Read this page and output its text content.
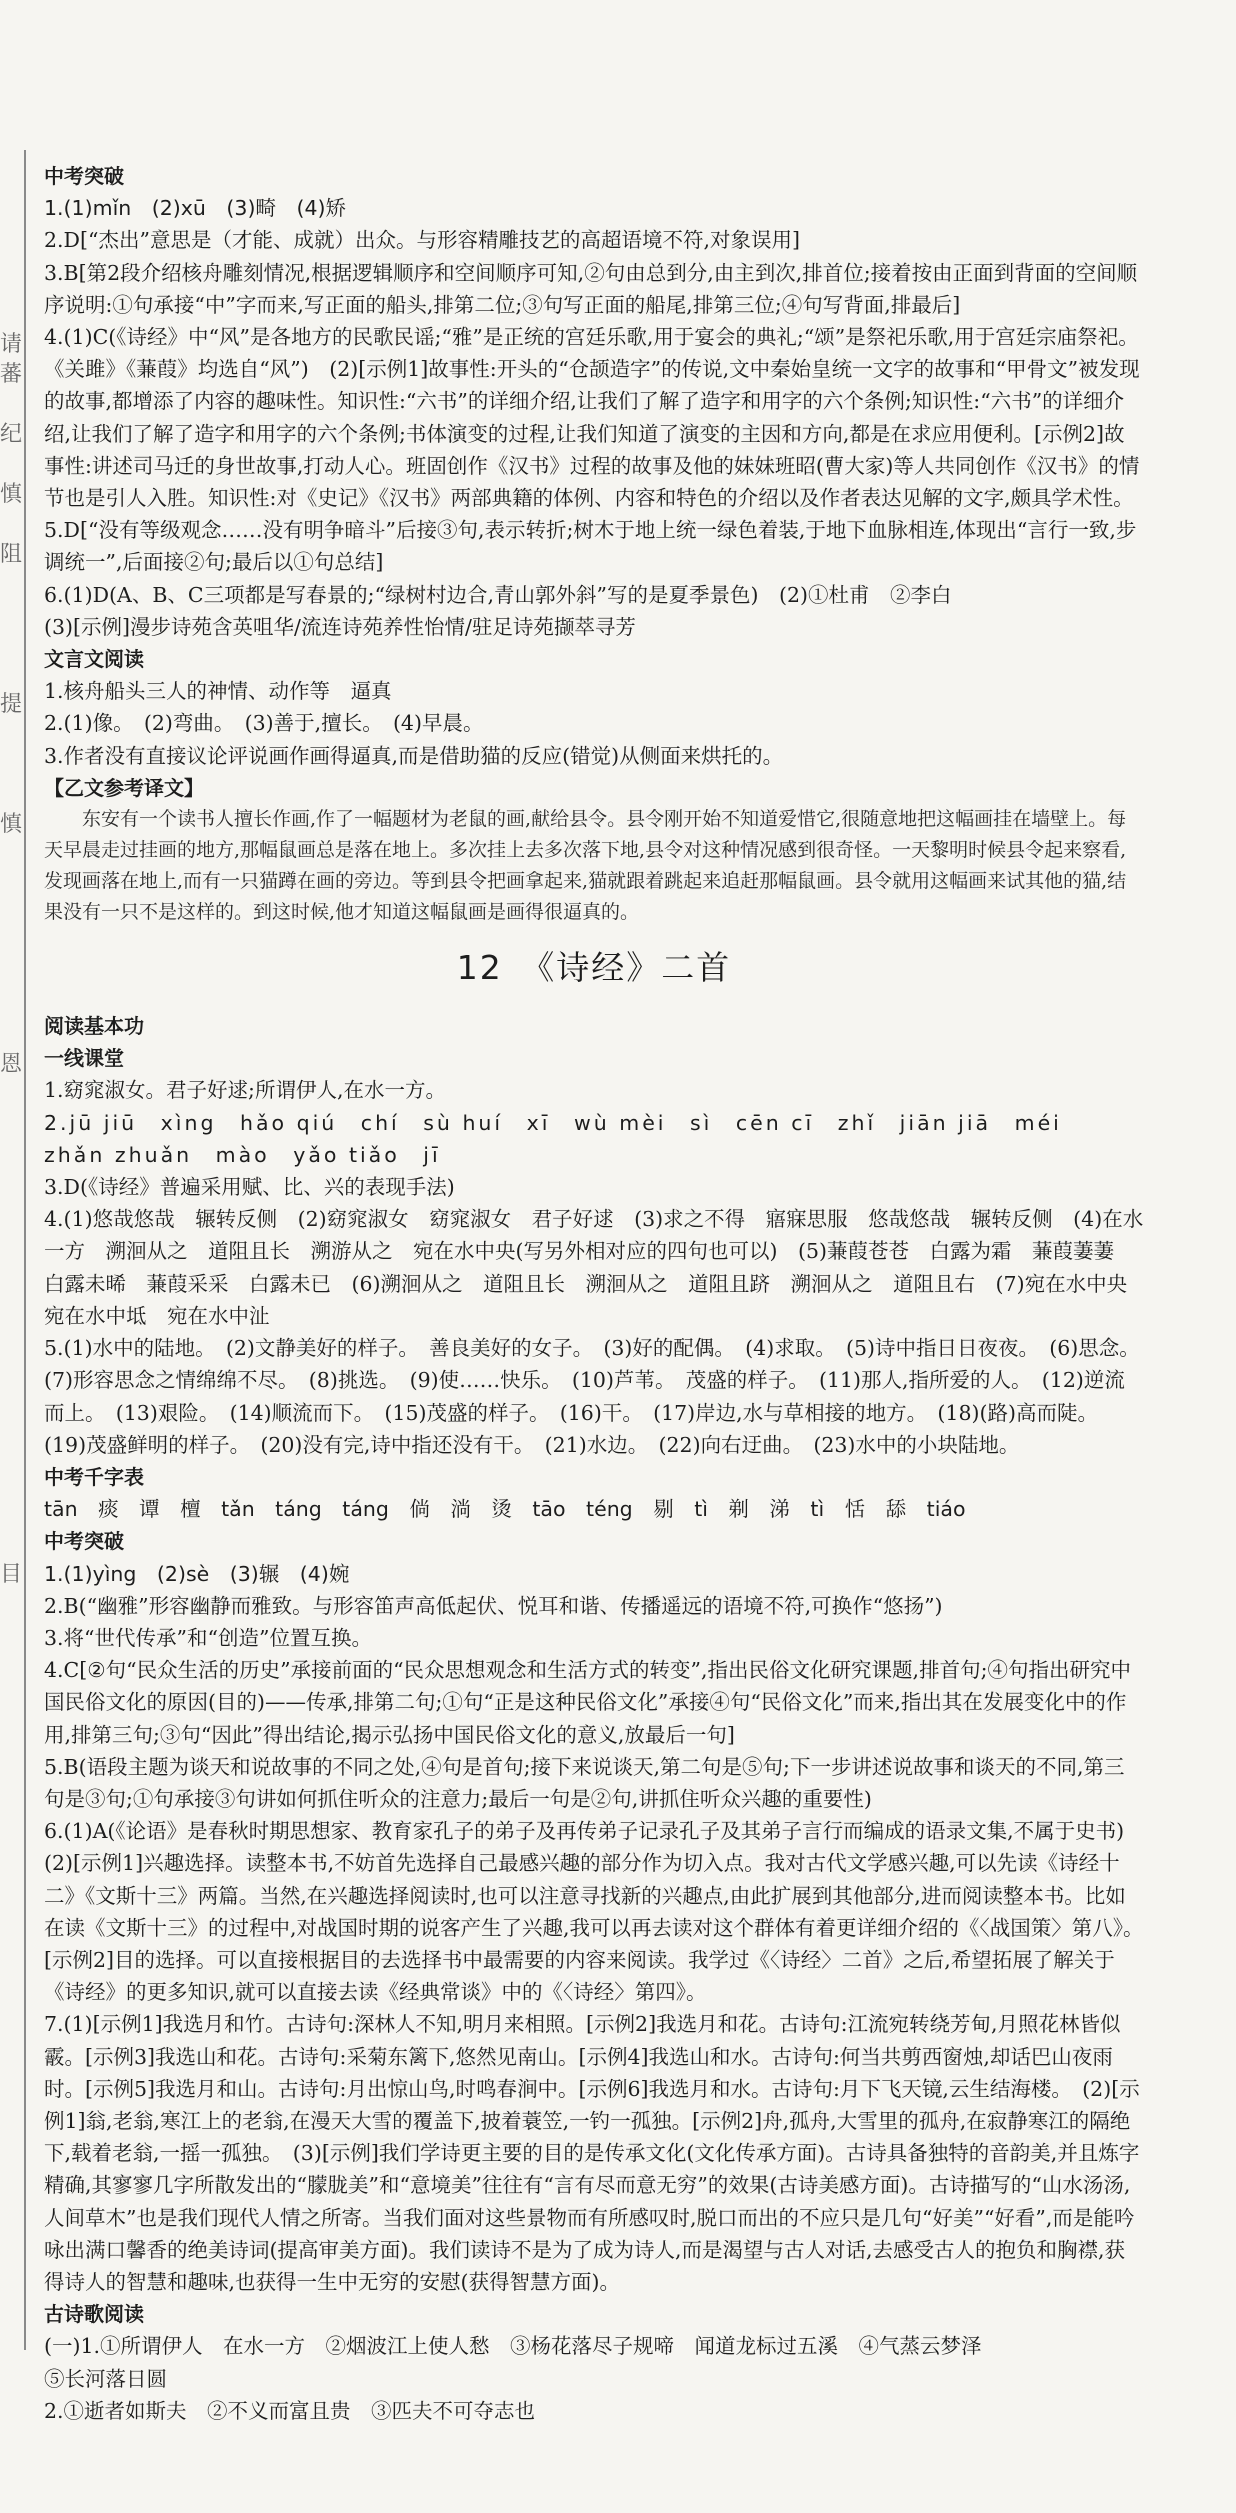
请
蕃

纪

慎

阻

提

慎

恩

目

中考突破
1.(1)mǐn　(2)xū　(3)畸　(4)矫
2.D[“杰出”意思是（才能、成就）出众。与形容精雕技艺的高超语境不符,对象误用]
3.B[第2段介绍核舟雕刻情况,根据逻辑顺序和空间顺序可知,②句由总到分,由主到次,排首位;接着按由正面到背面的空间顺序说明:①句承接“中”字而来,写正面的船头,排第二位;③句写正面的船尾,排第三位;④句写背面,排最后]
4.(1)C(《诗经》中“风”是各地方的民歌民谣;“雅”是正统的宫廷乐歌,用于宴会的典礼;“颂”是祭祀乐歌,用于宫廷宗庙祭祀。《关雎》《蒹葭》均选自“风”)　(2)[示例1]故事性:开头的“仓颉造字”的传说,文中秦始皇统一文字的故事和“甲骨文”被发现的故事,都增添了内容的趣味性。知识性:“六书”的详细介绍,让我们了解了造字和用字的六个条例;知识性:“六书”的详细介绍,让我们了解了造字和用字的六个条例;书体演变的过程,让我们知道了演变的主因和方向,都是在求应用便利。[示例2]故事性:讲述司马迁的身世故事,打动人心。班固创作《汉书》过程的故事及他的妹妹班昭(曹大家)等人共同创作《汉书》的情节也是引人入胜。知识性:对《史记》《汉书》两部典籍的体例、内容和特色的介绍以及作者表达见解的文字,颇具学术性。
5.D[“没有等级观念……没有明争暗斗”后接③句,表示转折;树木于地上统一绿色着装,于地下血脉相连,体现出“言行一致,步调统一”,后面接②句;最后以①句总结]
6.(1)D(A、B、C三项都是写春景的;“绿树村边合,青山郭外斜”写的是夏季景色)　(2)①杜甫　②李白
(3)[示例]漫步诗苑含英咀华/流连诗苑养性怡情/驻足诗苑撷萃寻芳
文言文阅读
1.核舟船头三人的神情、动作等　逼真
2.(1)像。　(2)弯曲。　(3)善于,擅长。　(4)早晨。
3.作者没有直接议论评说画作画得逼真,而是借助猫的反应(错觉)从侧面来烘托的。
【乙文参考译文】
东安有一个读书人擅长作画,作了一幅题材为老鼠的画,献给县令。县令刚开始不知道爱惜它,很随意地把这幅画挂在墙壁上。每天早晨走过挂画的地方,那幅鼠画总是落在地上。多次挂上去多次落下地,县令对这种情况感到很奇怪。一天黎明时候县令起来察看,发现画落在地上,而有一只猫蹲在画的旁边。等到县令把画拿起来,猫就跟着跳起来追赶那幅鼠画。县令就用这幅画来试其他的猫,结果没有一只不是这样的。到这时候,他才知道这幅鼠画是画得很逼真的。
12　《诗经》二首
阅读基本功
一线课堂
1.窈窕淑女。君子好逑;所谓伊人,在水一方。
2.jū jiū　xìng　hǎo qiú　chí　sù huí　xī　wù mèi　sì　cēn cī　zhǐ　jiān jiā　méi　zhǎn zhuǎn　mào　yǎo tiǎo　jī
3.D(《诗经》普遍采用赋、比、兴的表现手法)
4.(1)悠哉悠哉　辗转反侧　(2)窈窕淑女　窈窕淑女　君子好逑　(3)求之不得　寤寐思服　悠哉悠哉　辗转反侧　(4)在水一方　溯洄从之　道阻且长　溯游从之　宛在水中央(写另外相对应的四句也可以)　(5)蒹葭苍苍　白露为霜　蒹葭萋萋　白露未晞　蒹葭采采　白露未已　(6)溯洄从之　道阻且长　溯洄从之　道阻且跻　溯洄从之　道阻且右　(7)宛在水中央　宛在水中坻　宛在水中沚
5.(1)水中的陆地。　(2)文静美好的样子。　善良美好的女子。　(3)好的配偶。　(4)求取。　(5)诗中指日日夜夜。　(6)思念。　(7)形容思念之情绵绵不尽。　(8)挑选。　(9)使……快乐。　(10)芦苇。　茂盛的样子。　(11)那人,指所爱的人。　(12)逆流而上。　(13)艰险。　(14)顺流而下。　(15)茂盛的样子。　(16)干。　(17)岸边,水与草相接的地方。　(18)(路)高而陡。　(19)茂盛鲜明的样子。　(20)没有完,诗中指还没有干。　(21)水边。　(22)向右迂曲。　(23)水中的小块陆地。
中考千字表
tān　痰　谭　檀　tǎn　táng　táng　倘　淌　烫　tāo　téng　剔　tì　剃　涕　tì　恬　舔　tiáo
中考突破
1.(1)yìng　(2)sè　(3)辗　(4)婉
2.B(“幽雅”形容幽静而雅致。与形容笛声高低起伏、悦耳和谐、传播遥远的语境不符,可换作“悠扬”)
3.将“世代传承”和“创造”位置互换。
4.C[②句“民众生活的历史”承接前面的“民众思想观念和生活方式的转变”,指出民俗文化研究课题,排首句;④句指出研究中国民俗文化的原因(目的)——传承,排第二句;①句“正是这种民俗文化”承接④句“民俗文化”而来,指出其在发展变化中的作用,排第三句;③句“因此”得出结论,揭示弘扬中国民俗文化的意义,放最后一句]
5.B(语段主题为谈天和说故事的不同之处,④句是首句;接下来说谈天,第二句是⑤句;下一步讲述说故事和谈天的不同,第三句是③句;①句承接③句讲如何抓住听众的注意力;最后一句是②句,讲抓住听众兴趣的重要性)
6.(1)A(《论语》是春秋时期思想家、教育家孔子的弟子及再传弟子记录孔子及其弟子言行而编成的语录文集,不属于史书)　(2)[示例1]兴趣选择。读整本书,不妨首先选择自己最感兴趣的部分作为切入点。我对古代文学感兴趣,可以先读《诗经十二》《文斯十三》两篇。当然,在兴趣选择阅读时,也可以注意寻找新的兴趣点,由此扩展到其他部分,进而阅读整本书。比如在读《文斯十三》的过程中,对战国时期的说客产生了兴趣,我可以再去读对这个群体有着更详细介绍的《〈战国策〉第八》。[示例2]目的选择。可以直接根据目的去选择书中最需要的内容来阅读。我学过《〈诗经〉二首》之后,希望拓展了解关于《诗经》的更多知识,就可以直接去读《经典常谈》中的《〈诗经〉第四》。
7.(1)[示例1]我选月和竹。古诗句:深林人不知,明月来相照。[示例2]我选月和花。古诗句:江流宛转绕芳甸,月照花林皆似霰。[示例3]我选山和花。古诗句:采菊东篱下,悠然见南山。[示例4]我选山和水。古诗句:何当共剪西窗烛,却话巴山夜雨时。[示例5]我选月和山。古诗句:月出惊山鸟,时鸣春涧中。[示例6]我选月和水。古诗句:月下飞天镜,云生结海楼。　(2)[示例1]翁,老翁,寒江上的老翁,在漫天大雪的覆盖下,披着蓑笠,一钓一孤独。[示例2]舟,孤舟,大雪里的孤舟,在寂静寒江的隔绝下,载着老翁,一摇一孤独。　(3)[示例]我们学诗更主要的目的是传承文化(文化传承方面)。古诗具备独特的音韵美,并且炼字精确,其寥寥几字所散发出的“朦胧美”和“意境美”往往有“言有尽而意无穷”的效果(古诗美感方面)。古诗描写的“山水汤汤,人间草木”也是我们现代人情之所寄。当我们面对这些景物而有所感叹时,脱口而出的不应只是几句“好美”“好看”,而是能吟咏出满口馨香的绝美诗词(提高审美方面)。我们读诗不是为了成为诗人,而是渴望与古人对话,去感受古人的抱负和胸襟,获得诗人的智慧和趣味,也获得一生中无穷的安慰(获得智慧方面)。
古诗歌阅读
(一)1.①所谓伊人　在水一方　②烟波江上使人愁　③杨花落尽子规啼　闻道龙标过五溪　④气蒸云梦泽
⑤长河落日圆
2.①逝者如斯夫　②不义而富且贵　③匹夫不可夺志也
